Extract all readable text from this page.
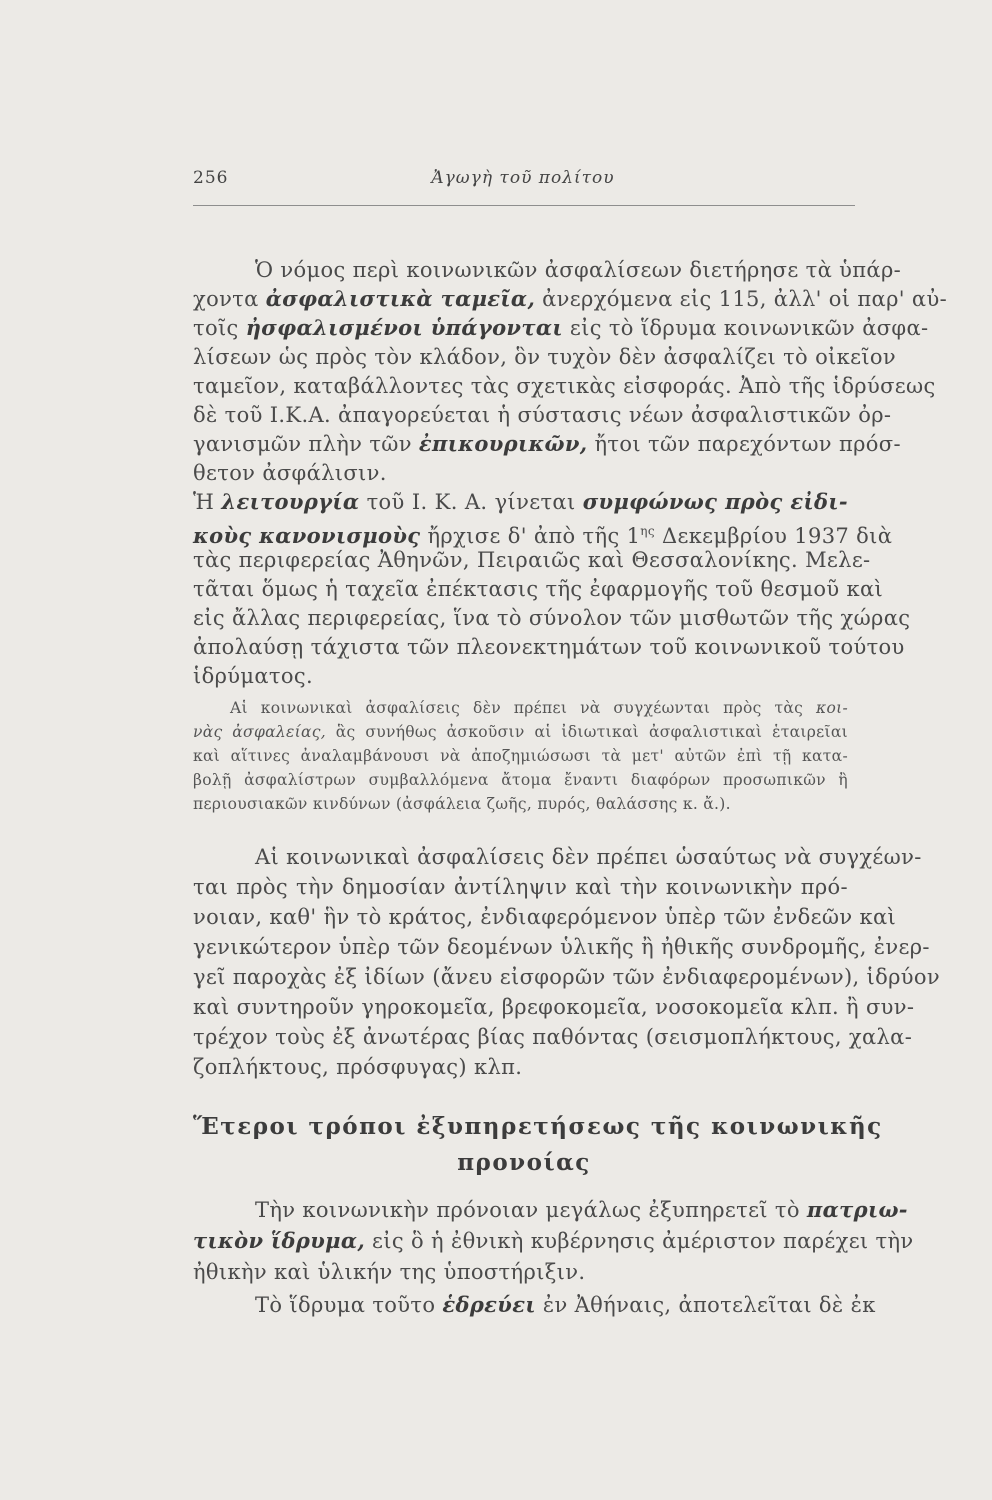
256	Ἀγωγὴ τοῦ πολίτου
Ὁ νόμος περὶ κοινωνικῶν ἀσφαλίσεων διετήρησε τὰ ὑπάρ-
χοντα ἀσφαλιστικὰ ταμεῖα, ἀνερχόμενα εἰς 115, ἀλλ' οἱ παρ' αὐ-
τοῖς ἠσφαλισμένοι ὑπάγονται εἰς τὸ ἵδρυμα κοινωνικῶν ἀσφα-
λίσεων ὡς πρὸς τὸν κλάδον, ὃν τυχὸν δὲν ἀσφαλίζει τὸ οἰκεῖον
ταμεῖον, καταβάλλοντες τὰς σχετικὰς εἰσφοράς. Ἀπὸ τῆς ἱδρύσεως
δὲ τοῦ Ι.Κ.Α. ἀπαγορεύεται ἡ σύστασις νέων ἀσφαλιστικῶν ὀρ-
γανισμῶν πλὴν τῶν ἐπικουρικῶν, ἤτοι τῶν παρεχόντων πρόσ-
θετον ἀσφάλισιν.
Ἡ λειτουργία τοῦ Ι. Κ. Α. γίνεται συμφώνως πρὸς εἰδι-
κοὺς κανονισμοὺς ἤρχισε δ' ἀπὸ τῆς $1^{\eta\varsigma}$ Δεκεμβρίου 1937 διὰ
τὰς περιφερείας Ἀθηνῶν, Πειραιῶς καὶ Θεσσαλονίκης. Μελε-
τᾶται ὅμως ἡ ταχεῖα ἐπέκτασις τῆς ἐφαρμογῆς τοῦ θεσμοῦ καὶ
εἰς ἄλλας περιφερείας, ἵνα τὸ σύνολον τῶν μισθωτῶν τῆς χώρας
ἀπολαύσῃ τάχιστα τῶν πλεονεκτημάτων τοῦ κοινωνικοῦ τούτου
ἱδρύματος.
Αἱ κοινωνικαὶ ἀσφαλίσεις δὲν πρέπει νὰ συγχέωνται πρὸς τὰς κοι-
νὰς ἀσφαλείας, ἃς συνήθως ἀσκοῦσιν αἱ ἰδιωτικαὶ ἀσφαλιστικαὶ ἑταιρεῖαι
καὶ αἵτινες ἀναλαμβάνουσι νὰ ἀποζημιώσωσι τὰ μετ' αὐτῶν ἐπὶ τῇ κατα-
βολῇ ἀσφαλίστρων συμβαλλόμενα ἄτομα ἔναντι διαφόρων προσωπικῶν ἢ
περιουσιακῶν κινδύνων (ἀσφάλεια ζωῆς, πυρός, θαλάσσης κ. ἄ.).
Αἱ κοινωνικαὶ ἀσφαλίσεις δὲν πρέπει ὡσαύτως νὰ συγχέων-
ται πρὸς τὴν δημοσίαν ἀντίληψιν καὶ τὴν κοινωνικὴν πρό-
νοιαν, καθ' ἣν τὸ κράτος, ἐνδιαφερόμενον ὑπὲρ τῶν ἐνδεῶν καὶ
γενικώτερον ὑπὲρ τῶν δεομένων ὑλικῆς ἢ ἠθικῆς συνδρομῆς, ἐνερ-
γεῖ παροχὰς ἐξ ἰδίων (ἄνευ εἰσφορῶν τῶν ἐνδιαφερομένων), ἱδρύον
καὶ συντηροῦν γηροκομεῖα, βρεφοκομεῖα, νοσοκομεῖα κλπ. ἢ συν-
τρέχον τοὺς ἐξ ἀνωτέρας βίας παθόντας (σεισμοπλήκτους, χαλα-
ζοπλήκτους, πρόσφυγας) κλπ.
Ἕτεροι τρόποι ἐξυπηρετήσεως τῆς κοινωνικῆς
προνοίας
Τὴν κοινωνικὴν πρόνοιαν μεγάλως ἐξυπηρετεῖ τὸ πατριω-
τικὸν ἵδρυμα, εἰς ὃ ἡ ἐθνικὴ κυβέρνησις ἀμέριστον παρέχει τὴν
ἠθικὴν καὶ ὑλικήν της ὑποστήριξιν.
Τὸ ἵδρυμα τοῦτο ἑδρεύει ἐν Ἀθήναις, ἀποτελεῖται δὲ ἐκ
